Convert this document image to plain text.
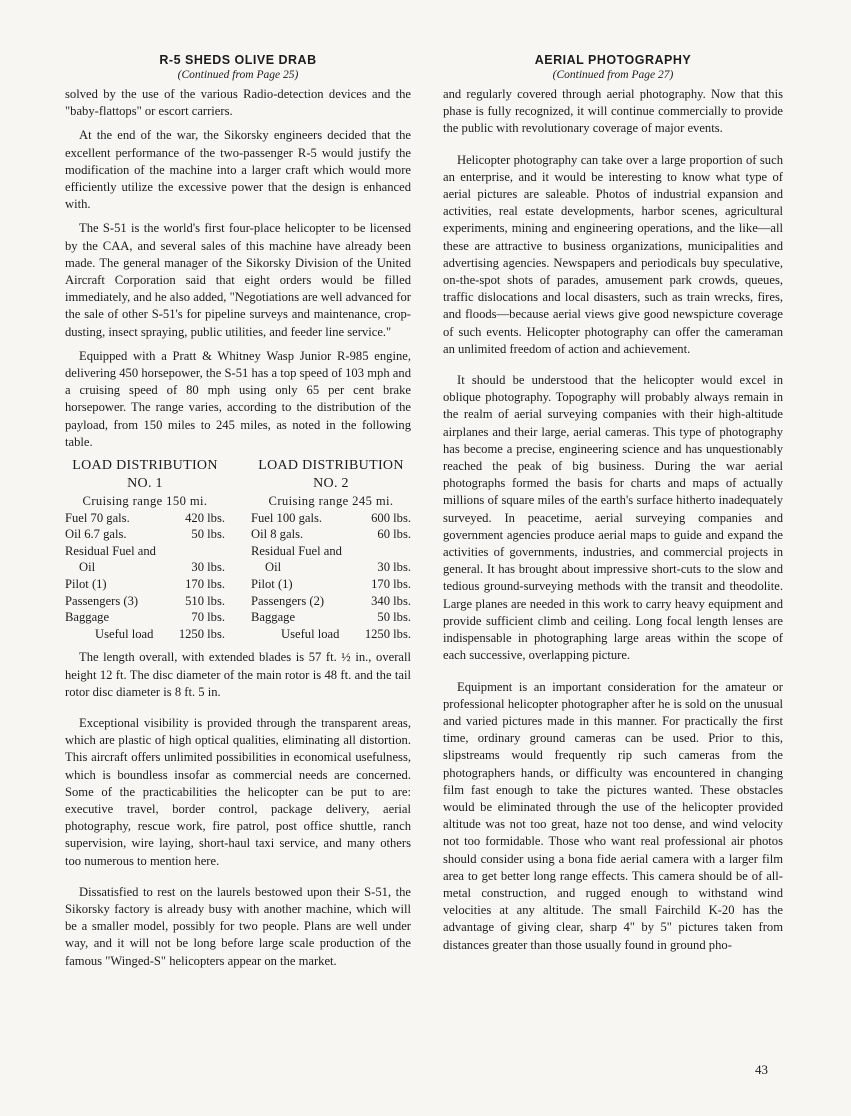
R-5 SHEDS OLIVE DRAB
(Continued from Page 25)

solved by the use of the various Radio-detection devices and the "baby-flattops" or escort carriers.

At the end of the war, the Sikorsky engineers decided that the excellent performance of the two-passenger R-5 would justify the modification of the machine into a larger craft which would more efficiently utilize the excessive power that the design is enhanced with.

The S-51 is the world's first four-place helicopter to be licensed by the CAA, and several sales of this machine have already been made. The general manager of the Sikorsky Division of the United Aircraft Corporation said that eight orders would be filled immediately, and he also added, "Negotiations are well advanced for the sale of other S-51's for pipeline surveys and maintenance, crop-dusting, insect spraying, public utilities, and feeder line service."

Equipped with a Pratt & Whitney Wasp Junior R-985 engine, delivering 450 horsepower, the S-51 has a top speed of 103 mph and a cruising speed of 80 mph using only 65 per cent brake horsepower. The range varies, according to the distribution of the payload, from 150 miles to 245 miles, as noted in the following table.

LOAD DISTRIBUTION
NO. 1
Cruising range 150 mi.
Fuel 70 gals.	420 lbs.
Oil 6.7 gals.	50 lbs.
Residual Fuel and
Oil	30 lbs.
Pilot (1)	170 lbs.
Passengers (3)	510 lbs.
Baggage	70 lbs.
Useful load 1250 lbs.
LOAD DISTRIBUTION
NO. 2
Cruising range 245 mi.
Fuel 100 gals.	600 lbs.
Oil 8 gals.	60 lbs.
Residual Fuel and
Oil	30 lbs.
Pilot (1)	170 lbs.
Passengers (2)	340 lbs.
Baggage	50 lbs.
Useful load 1250 lbs.

The length overall, with extended blades is 57 ft. ½ in., overall height 12 ft. The disc diameter of the main rotor is 48 ft. and the tail rotor disc diameter is 8 ft. 5 in.

Exceptional visibility is provided through the transparent areas, which are plastic of high optical qualities, eliminating all distortion. This aircraft offers unlimited possibilities in economical usefulness, which is boundless insofar as commercial needs are concerned. Some of the practicabilities the helicopter can be put to are: executive travel, border control, package delivery, aerial photography, rescue work, fire patrol, post office shuttle, ranch supervision, wire laying, short-haul taxi service, and many others too numerous to mention here.

Dissatisfied to rest on the laurels bestowed upon their S-51, the Sikorsky factory is already busy with another machine, which will be a smaller model, possibly for two people. Plans are well under way, and it will not be long before large scale production of the famous "Winged-S" helicopters appear on the market.

AERIAL PHOTOGRAPHY
(Continued from Page 27)

and regularly covered through aerial photography. Now that this phase is fully recognized, it will continue commercially to provide the public with revolutionary coverage of major events.

Helicopter photography can take over a large proportion of such an enterprise, and it would be interesting to know what type of aerial pictures are saleable. Photos of industrial expansion and activities, real estate developments, harbor scenes, agricultural experiments, mining and engineering operations, and the like—all these are attractive to business organizations, municipalities and advertising agencies. Newspapers and periodicals buy speculative, on-the-spot shots of parades, amusement park crowds, queues, traffic dislocations and local disasters, such as train wrecks, fires, and floods—because aerial views give good newspicture coverage of such events. Helicopter photography can offer the cameraman an unlimited freedom of action and achievement.

It should be understood that the helicopter would excel in oblique photography. Topography will probably always remain in the realm of aerial surveying companies with their high-altitude airplanes and their large, aerial cameras. This type of photography has become a precise, engineering science and has unquestionably reached the peak of big business. During the war aerial photographs formed the basis for charts and maps of actually millions of square miles of the earth's surface hitherto inadequately surveyed. In peacetime, aerial surveying companies and government agencies produce aerial maps to guide and expand the activities of governments, industries, and commercial projects in general. It has brought about impressive short-cuts to the slow and tedious ground-surveying methods with the transit and theodolite. Large planes are needed in this work to carry heavy equipment and provide sufficient climb and ceiling. Long focal length lenses are indispensable in photographing large areas within the scope of each successive, overlapping picture.

Equipment is an important consideration for the amateur or professional helicopter photographer after he is sold on the unusual and varied pictures made in this manner. For practically the first time, ordinary ground cameras can be used. Prior to this, slipstreams would frequently rip such cameras from the photographers hands, or difficulty was encountered in changing film fast enough to take the pictures wanted. These obstacles would be eliminated through the use of the helicopter provided altitude was not too great, haze not too dense, and wind velocity not too formidable. Those who want real professional air photos should consider using a bona fide aerial camera with a larger film area to get better long range effects. This camera should be of all-metal construction, and rugged enough to withstand wind velocities at any altitude. The small Fairchild K-20 has the advantage of giving clear, sharp 4" by 5" pictures taken from distances greater than those usually found in ground pho-

43
